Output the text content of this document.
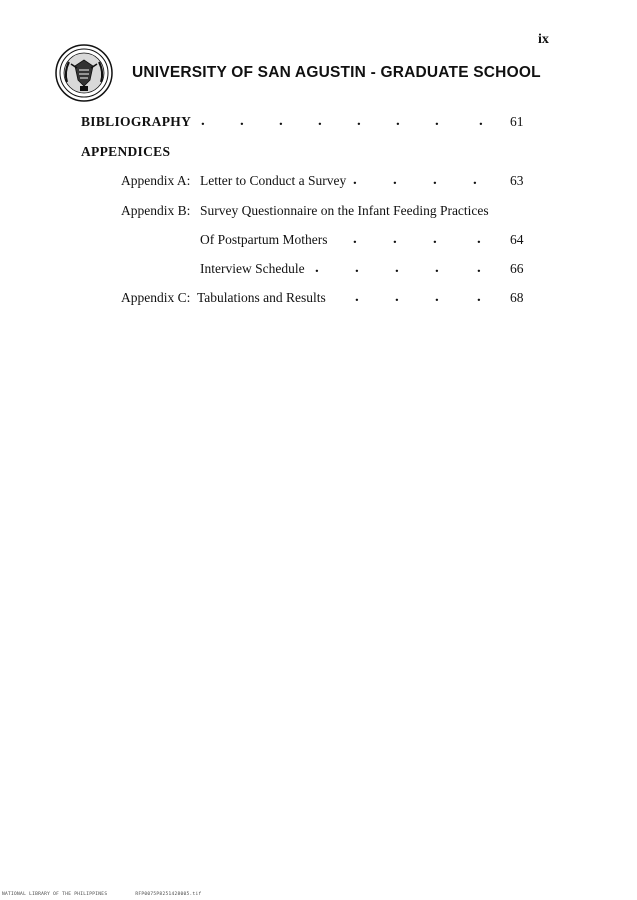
ix
UNIVERSITY OF SAN AGUSTIN - GRADUATE SCHOOL
BIBLIOGRAPHY . . . . . . .	. 61
APPENDICES
Appendix A: Letter to Conduct a Survey . . . . 63
Appendix B: Survey Questionnaire on the Infant Feeding Practices
Of Postpartum Mothers . . .	. 64
Interview Schedule . . . .	. 66
Appendix C: Tabulations and Results . . .	. 68
NATIONAL LIBRARY OF THE PHILIPPINES	RFP0075P8251428005.tif
